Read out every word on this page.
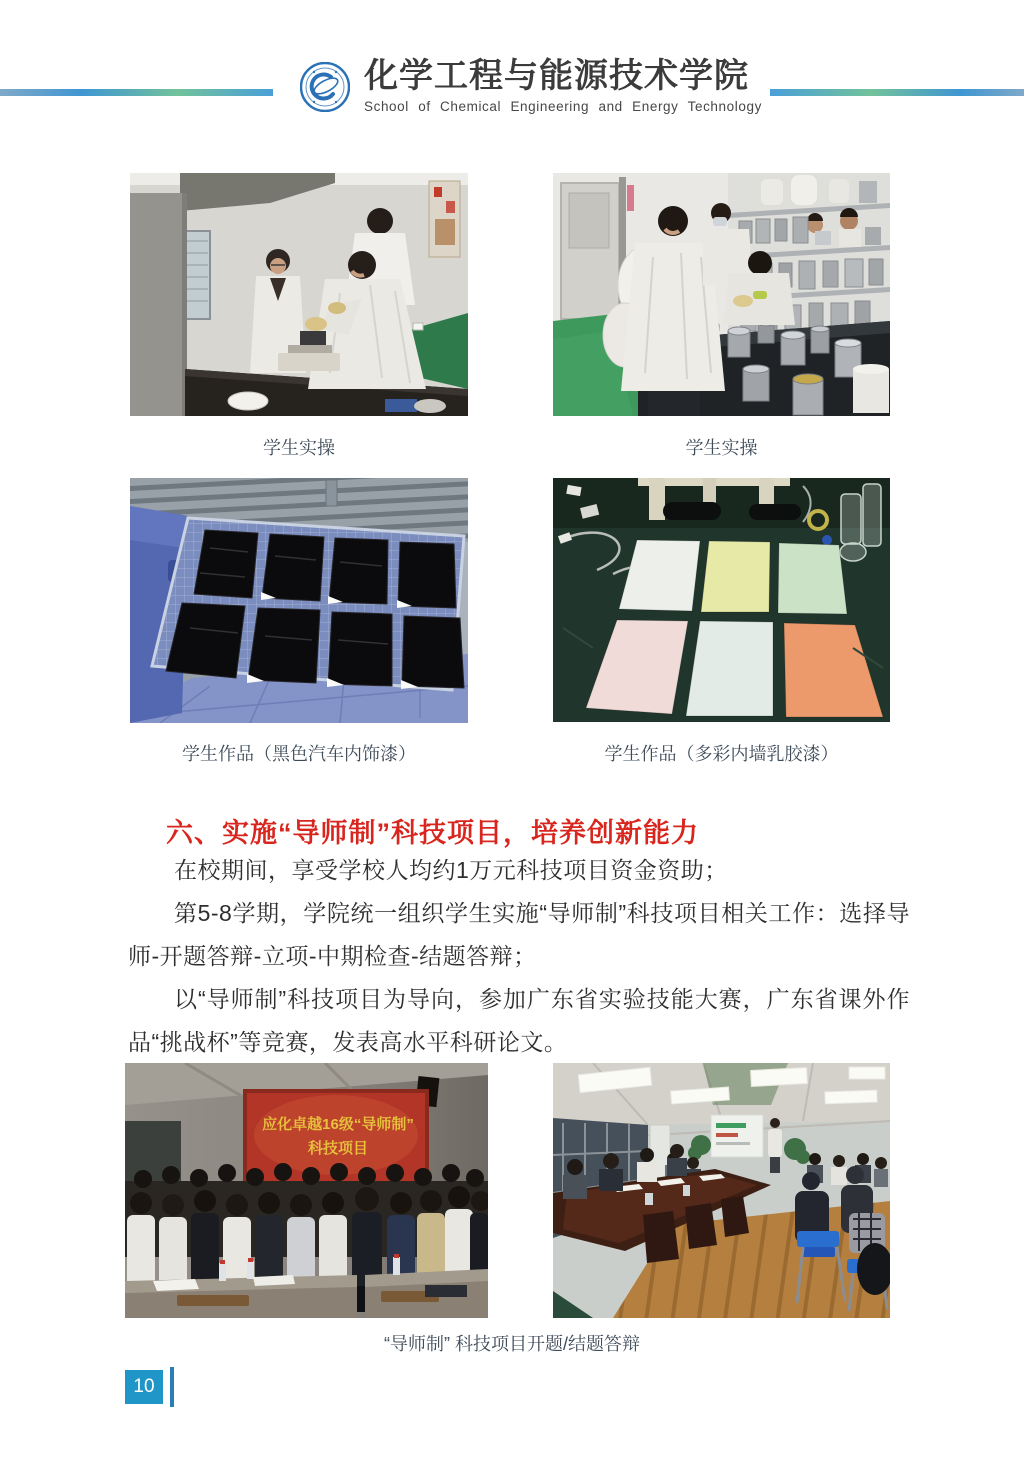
化学工程与能源技术学院
School of Chemical Engineering and Energy Technology
学生实操	学生实操
学生作品（黑色汽车内饰漆）	学生作品（多彩内墙乳胶漆）
六、实施“导师制”科技项目，培养创新能力

在校期间，享受学校人均约1万元科技项目资金资助；

第5-8学期，学院统一组织学生实施“导师制”科技项目相关工作：选择导师-开题答辩-立项-中期检查-结题答辩；

以“导师制”科技项目为导向，参加广东省实验技能大赛，广东省课外作品“挑战杯”等竞赛，发表高水平科研论文。

应化卓越16级“导师制”
科技项目
“导师制” 科技项目开题/结题答辩
10
